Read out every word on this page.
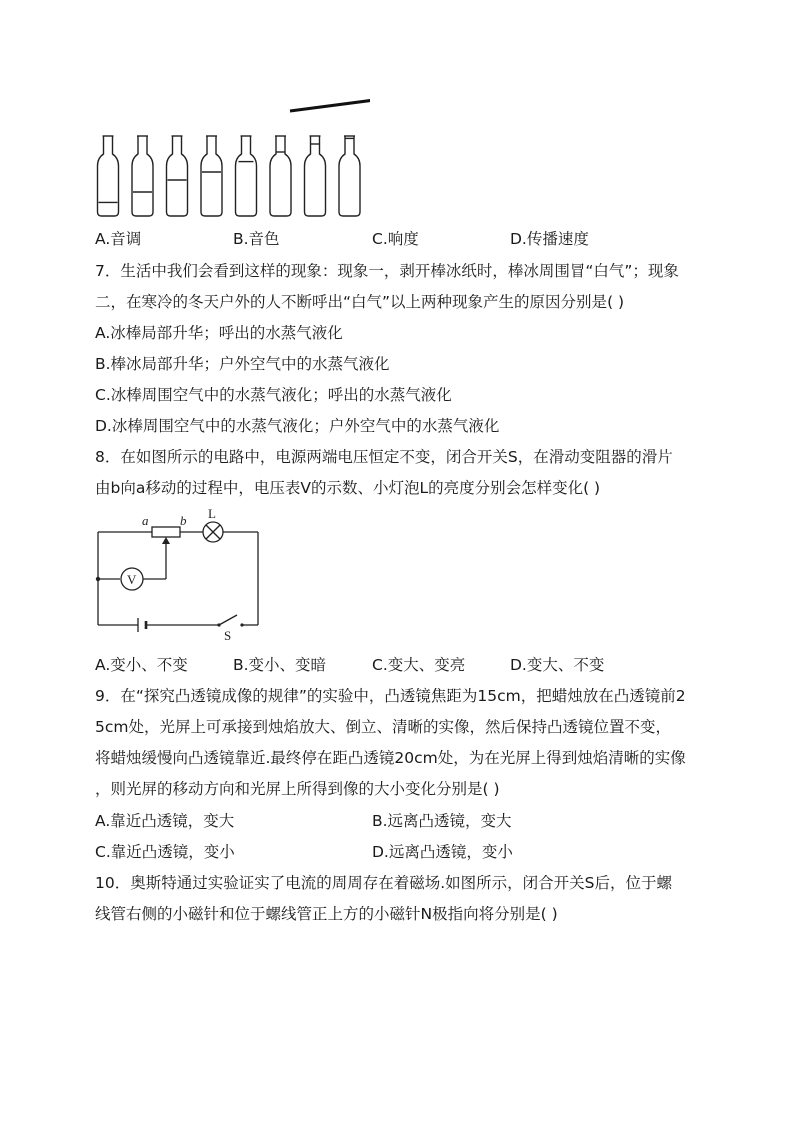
A.音调	B.音色	C.响度	D.传播速度
7．生活中我们会看到这样的现象：现象一，剥开棒冰纸时，棒冰周围冒“白气”；现象
二，在寒冷的冬天户外的人不断呼出“白气”以上两种现象产生的原因分别是( )
A.冰棒局部升华；呼出的水蒸气液化
B.棒冰局部升华；户外空气中的水蒸气液化
C.冰棒周围空气中的水蒸气液化；呼出的水蒸气液化
D.冰棒周围空气中的水蒸气液化；户外空气中的水蒸气液化
8．在如图所示的电路中，电源两端电压恒定不变，闭合开关S，在滑动变阻器的滑片
由b向a移动的过程中，电压表V的示数、小灯泡L的亮度分别会怎样变化( )
a b L
V
S
A.变小、不变	B.变小、变暗	C.变大、变亮	D.变大、不变
9．在“探究凸透镜成像的规律”的实验中，凸透镜焦距为15cm，把蜡烛放在凸透镜前2
5cm处，光屏上可承接到烛焰放大、倒立、清晰的实像，然后保持凸透镜位置不变，
将蜡烛缓慢向凸透镜靠近.最终停在距凸透镜20cm处，为在光屏上得到烛焰清晰的实像
，则光屏的移动方向和光屏上所得到像的大小变化分别是( )
A.靠近凸透镜，变大	B.远离凸透镜，变大
C.靠近凸透镜，变小	D.远离凸透镜，变小
10．奥斯特通过实验证实了电流的周周存在着磁场.如图所示，闭合开关S后，位于螺
线管右侧的小磁针和位于螺线管正上方的小磁针N极指向将分别是( )
